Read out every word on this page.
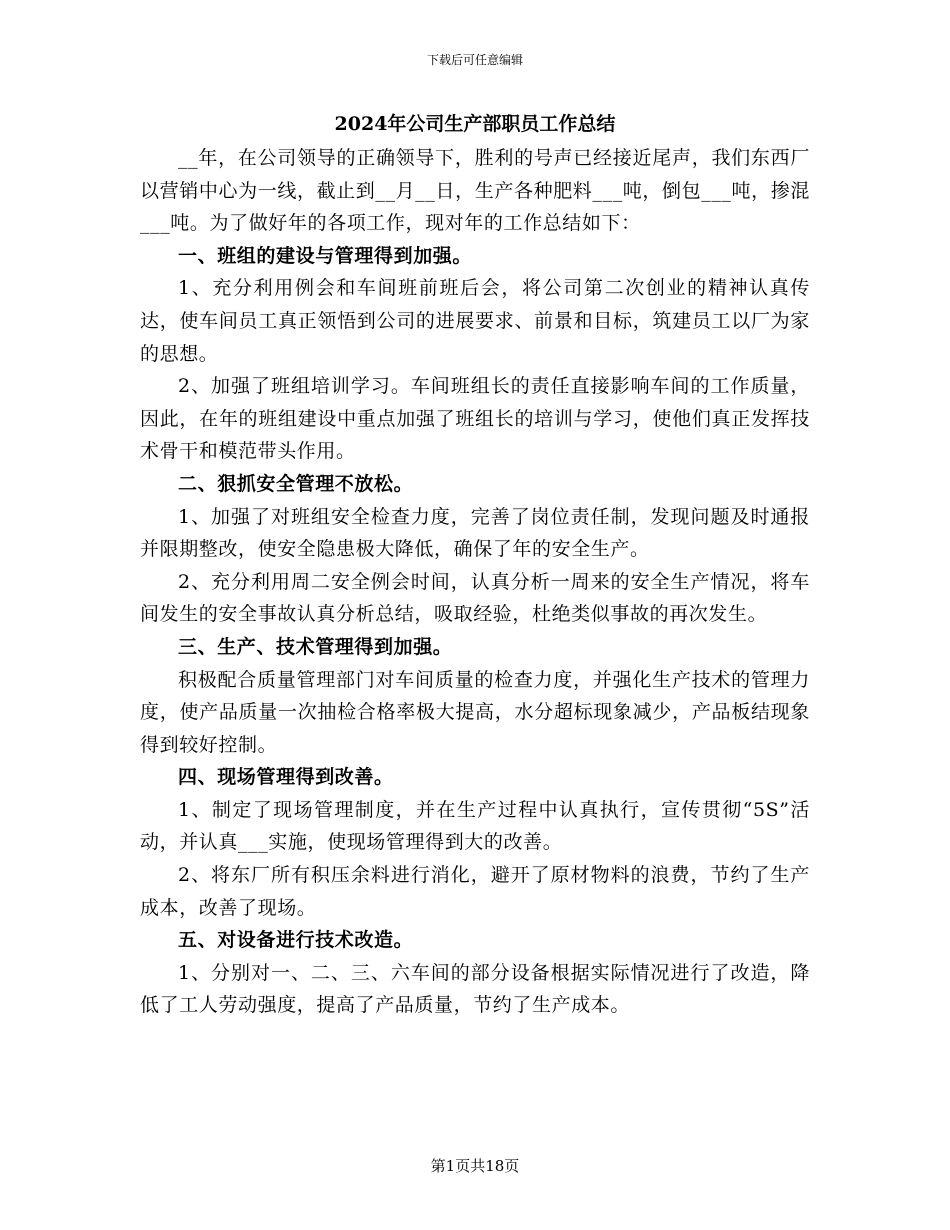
下载后可任意编辑
2024年公司生产部职员工作总结

__年，在公司领导的正确领导下，胜利的号声已经接近尾声，我们东西厂以营销中心为一线，截止到__月__日，生产各种肥料___吨，倒包___吨，掺混___吨。为了做好年的各项工作，现对年的工作总结如下：

一、班组的建设与管理得到加强。

1、充分利用例会和车间班前班后会，将公司第二次创业的精神认真传达，使车间员工真正领悟到公司的进展要求、前景和目标，筑建员工以厂为家的思想。

2、加强了班组培训学习。车间班组长的责任直接影响车间的工作质量，因此，在年的班组建设中重点加强了班组长的培训与学习，使他们真正发挥技术骨干和模范带头作用。

二、狠抓安全管理不放松。

1、加强了对班组安全检查力度，完善了岗位责任制，发现问题及时通报并限期整改，使安全隐患极大降低，确保了年的安全生产。

2、充分利用周二安全例会时间，认真分析一周来的安全生产情况，将车间发生的安全事故认真分析总结，吸取经验，杜绝类似事故的再次发生。

三、生产、技术管理得到加强。

积极配合质量管理部门对车间质量的检查力度，并强化生产技术的管理力度，使产品质量一次抽检合格率极大提高，水分超标现象减少，产品板结现象得到较好控制。

四、现场管理得到改善。

1、制定了现场管理制度，并在生产过程中认真执行，宣传贯彻“5S”活动，并认真___实施，使现场管理得到大的改善。

2、将东厂所有积压余料进行消化，避开了原材物料的浪费，节约了生产成本，改善了现场。

五、对设备进行技术改造。

1、分别对一、二、三、六车间的部分设备根据实际情况进行了改造，降低了工人劳动强度，提高了产品质量，节约了生产成本。

第1页共18页
